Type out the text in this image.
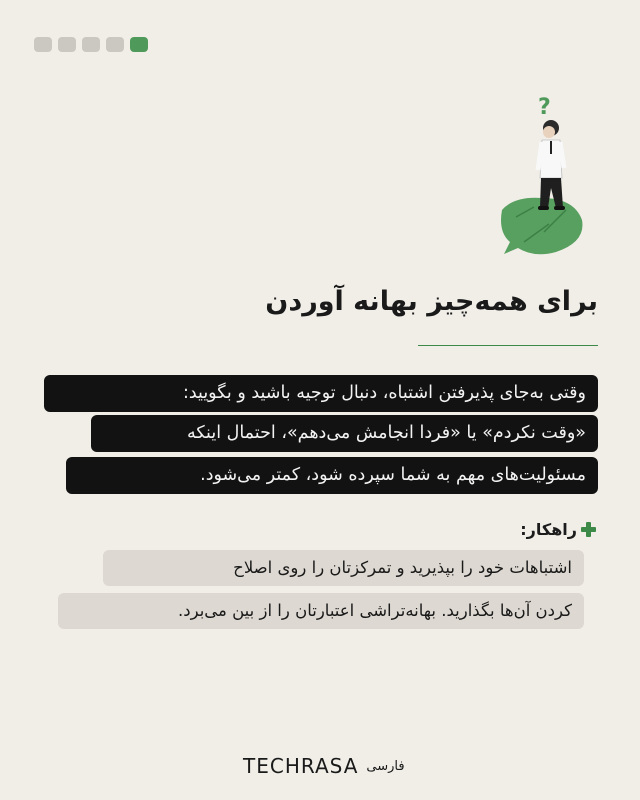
?
برای همه‌چیز بهانه آوردن
وقتی به‌جای پذیرفتن اشتباه، دنبال توجیه باشید و بگویید:
«وقت نکردم» یا «فردا انجامش می‌دهم»، احتمال اینکه
مسئولیت‌های مهم به شما سپرده شود، کمتر می‌شود.
راهکار:
اشتباهات خود را بپذیرید و تمرکزتان را روی اصلاح
کردن آن‌ها بگذارید. بهانه‌تراشی اعتبارتان را از بین می‌برد.
TECHRASA فارسی
